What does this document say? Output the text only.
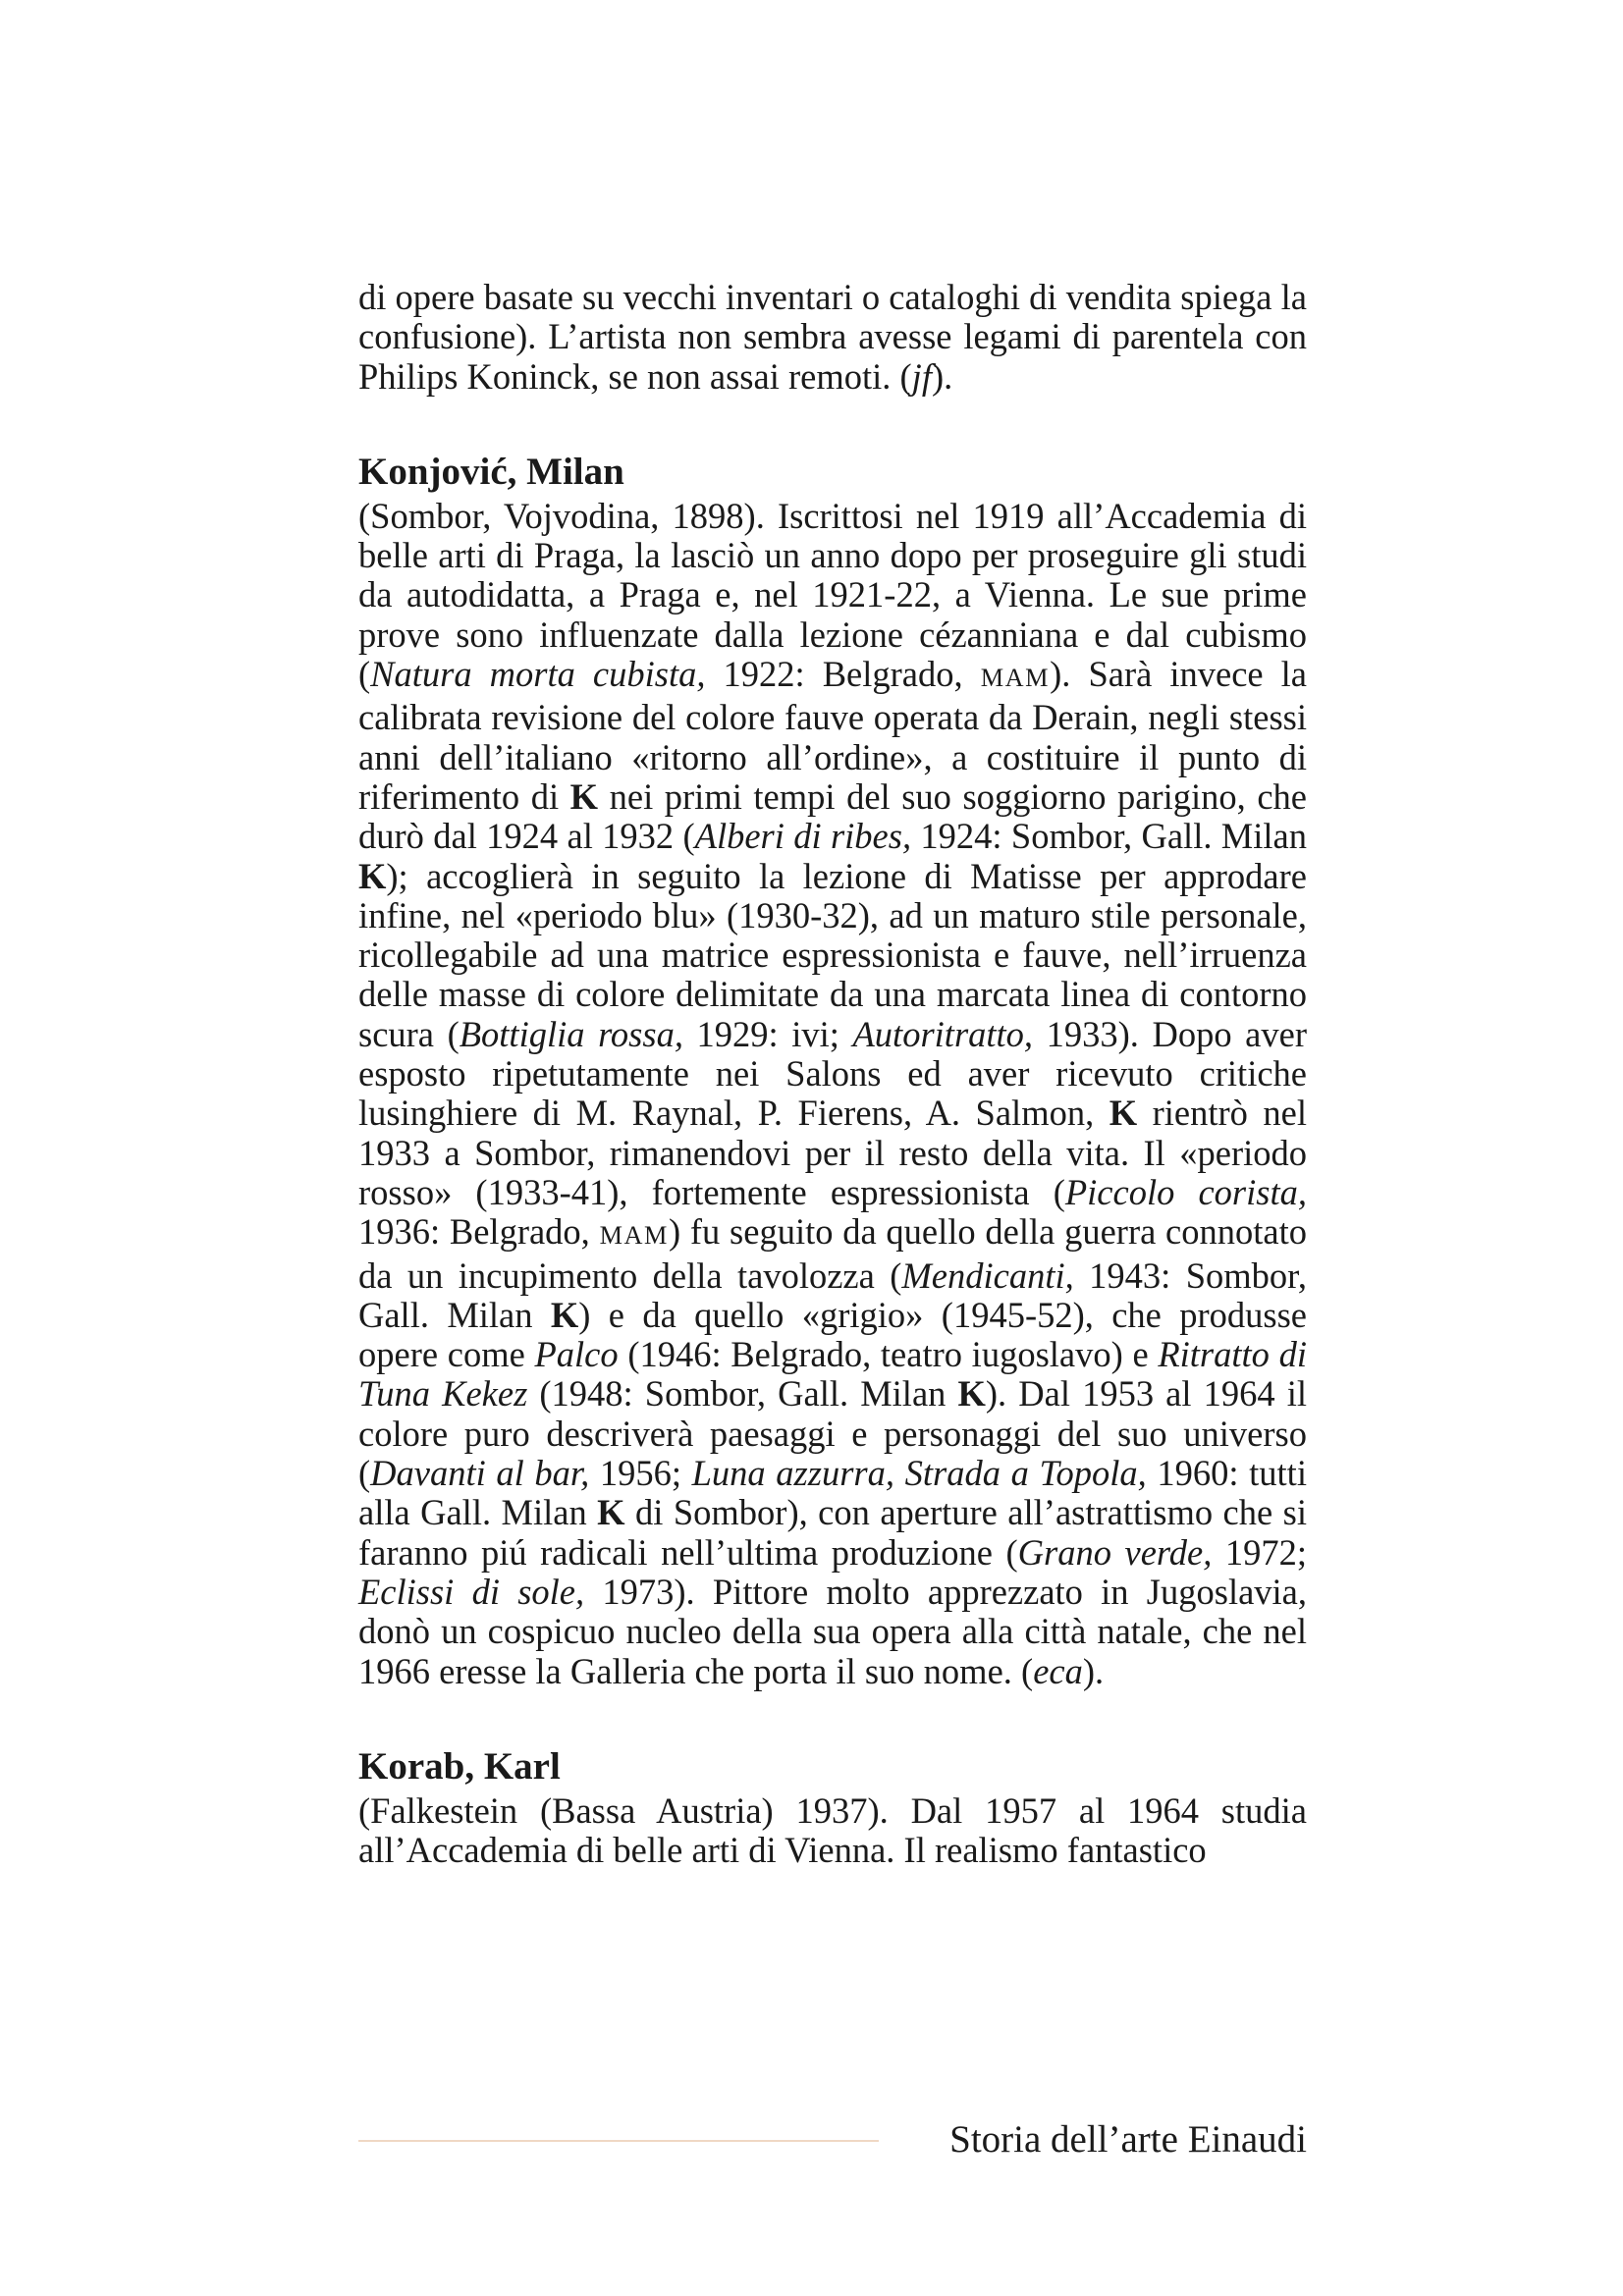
di opere basate su vecchi inventari o cataloghi di vendita spiega la confusione). L’artista non sembra avesse legami di parentela con Philips Koninck, se non assai remoti. (jf).

Konjović, Milan

(Sombor, Vojvodina, 1898). Iscrittosi nel 1919 all’Accademia di belle arti di Praga, la lasciò un anno dopo per proseguire gli studi da autodidatta, a Praga e, nel 1921-22, a Vienna. Le sue prime prove sono influenzate dalla lezione cézanniana e dal cubismo (Natura morta cubista, 1922: Belgrado, MAM). Sarà invece la calibrata revisione del colore fauve operata da Derain, negli stessi anni dell’italiano «ritorno all’ordine», a costituire il punto di riferimento di K nei primi tempi del suo soggiorno parigino, che durò dal 1924 al 1932 (Alberi di ribes, 1924: Sombor, Gall. Milan K); accoglierà in seguito la lezione di Matisse per approdare infine, nel «periodo blu» (1930-32), ad un maturo stile personale, ricollegabile ad una matrice espressionista e fauve, nell’irruenza delle masse di colore delimitate da una marcata linea di contorno scura (Bottiglia rossa, 1929: ivi; Autoritratto, 1933). Dopo aver esposto ripetutamente nei Salons ed aver ricevuto critiche lusinghiere di M. Raynal, P. Fierens, A. Salmon, K rientrò nel 1933 a Sombor, rimanendovi per il resto della vita. Il «periodo rosso» (1933-41), fortemente espressionista (Piccolo corista, 1936: Belgrado, MAM) fu seguito da quello della guerra connotato da un incupimento della tavolozza (Mendicanti, 1943: Sombor, Gall. Milan K) e da quello «grigio» (1945-52), che produsse opere come Palco (1946: Belgrado, teatro iugoslavo) e Ritratto di Tuna Kekez (1948: Sombor, Gall. Milan K). Dal 1953 al 1964 il colore puro descriverà paesaggi e personaggi del suo universo (Davanti al bar, 1956; Luna azzurra, Strada a Topola, 1960: tutti alla Gall. Milan K di Sombor), con aperture all’astrattismo che si faranno piú radicali nell’ultima produzione (Grano verde, 1972; Eclissi di sole, 1973). Pittore molto apprezzato in Jugoslavia, donò un cospicuo nucleo della sua opera alla città natale, che nel 1966 eresse la Galleria che porta il suo nome. (eca).

Korab, Karl

(Falkestein (Bassa Austria) 1937). Dal 1957 al 1964 studia all’Accademia di belle arti di Vienna. Il realismo fantastico

Storia dell’arte Einaudi
